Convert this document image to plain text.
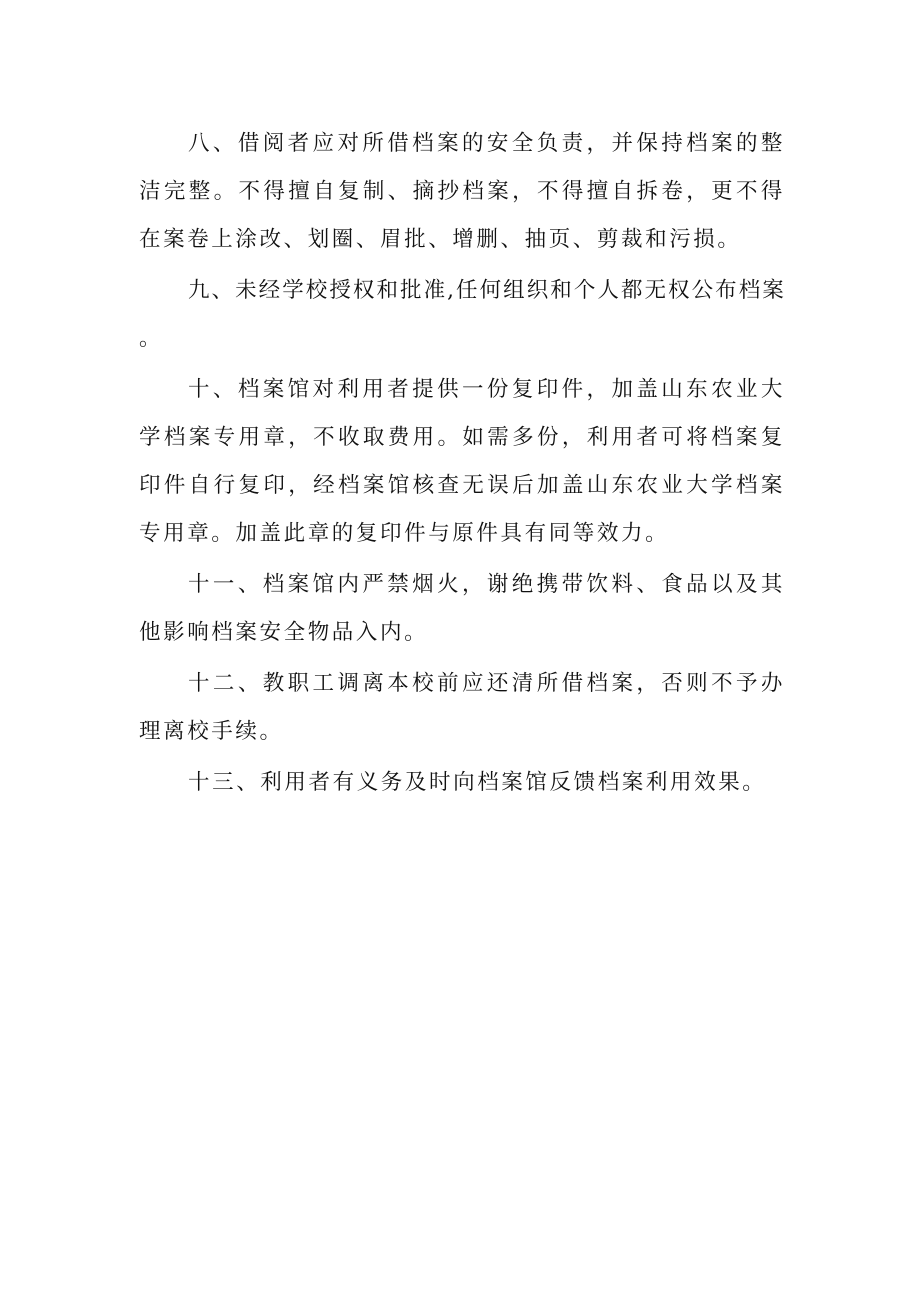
八、借阅者应对所借档案的安全负责，并保持档案的整洁完整。不得擅自复制、摘抄档案，不得擅自拆卷，更不得在案卷上涂改、划圈、眉批、增删、抽页、剪裁和污损。

九、未经学校授权和批准,任何组织和个人都无权公布档案。

十、档案馆对利用者提供一份复印件，加盖山东农业大学档案专用章，不收取费用。如需多份，利用者可将档案复印件自行复印，经档案馆核查无误后加盖山东农业大学档案专用章。加盖此章的复印件与原件具有同等效力。

十一、档案馆内严禁烟火，谢绝携带饮料、食品以及其他影响档案安全物品入内。

十二、教职工调离本校前应还清所借档案，否则不予办理离校手续。

十三、利用者有义务及时向档案馆反馈档案利用效果。
